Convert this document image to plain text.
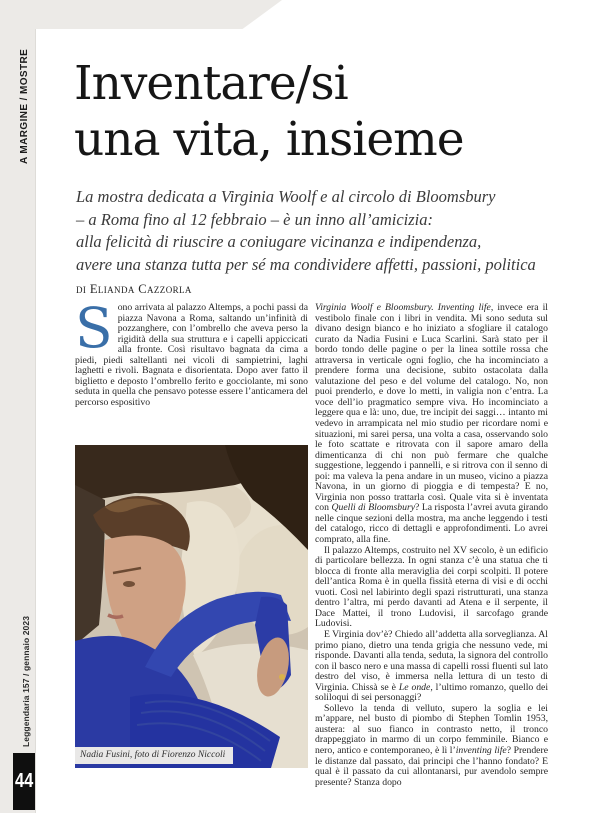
A MARGINE / MOSTRE
Leggendaria 157 / gennaio 2023
44
Inventare/si
una vita, insieme
La mostra dedicata a Virginia Woolf e al circolo di Bloomsbury
– a Roma fino al 12 febbraio – è un inno all’amicizia:
alla felicità di riuscire a coniugare vicinanza e indipendenza,
avere una stanza tutta per sé ma condividere affetti, passioni, politica
di Elianda Cazzorla

Sono arrivata al palazzo Altemps, a pochi passi da piazza Navona a Roma, saltando un’infinità di pozzanghere, con l’ombrello che aveva perso la rigidità della sua struttura e i capelli appiccicati alla fronte. Così risultavo bagnata da cima a piedi, piedi saltellanti nei vicoli di sampietrini, laghi laghetti e rivoli. Bagnata e disorientata. Dopo aver fatto il biglietto e deposto l’ombrello ferito e gocciolante, mi sono seduta in quella che pensavo potesse essere l’anticamera del percorso espositivo

Virginia Woolf e Bloomsbury. Inventing life, invece era il vestibolo finale con i libri in vendita. Mi sono seduta sul divano design bianco e ho iniziato a sfogliare il catalogo curato da Nadia Fusini e Luca Scarlini. Sarà stato per il bordo tondo delle pagine o per la linea sottile rossa che attraversa in verticale ogni foglio, che ha incominciato a prendere forma una decisione, subito ostacolata dalla valutazione del peso e del volume del catalogo. No, non puoi prenderlo, e dove lo metti, in valigia non c’entra. La voce dell’io pragmatico sempre viva. Ho incominciato a leggere qua e là: uno, due, tre incipit dei saggi… intanto mi vedevo in arrampicata nel mio studio per ricordare nomi e situazioni, mi sarei persa, una volta a casa, osservando solo le foto scattate e ritrovata con il sapore amaro della dimenticanza di chi non può fermare che qualche suggestione, leggendo i pannelli, e si ritrova con il senno di poi: ma valeva la pena andare in un museo, vicino a piazza Navona, in un giorno di pioggia e di tempesta? E no, Virginia non posso trattarla così. Quale vita si è inventata con Quelli di Bloomsbury? La risposta l’avrei avuta girando nelle cinque sezioni della mostra, ma anche leggendo i testi del catalogo, ricco di dettagli e approfondimenti. Lo avrei comprato, alla fine.

Il palazzo Altemps, costruito nel XV secolo, è un edificio di particolare bellezza. In ogni stanza c’è una statua che ti blocca di fronte alla meraviglia dei corpi scolpiti. Il potere dell’antica Roma è in quella fissità eterna di visi e di occhi vuoti. Così nel labirinto degli spazi ristrutturati, una stanza dentro l’altra, mi perdo davanti ad Atena e il serpente, il Dace Mattei, il trono Ludovisi, il sarcofago grande Ludovisi.

E Virginia dov’è? Chiedo all’addetta alla sorveglianza. Al primo piano, dietro una tenda grigia che nessuno vede, mi risponde. Davanti alla tenda, seduta, la signora del controllo con il basco nero e una massa di capelli rossi fluenti sul lato destro del viso, è immersa nella lettura di un testo di Virginia. Chissà se è Le onde, l’ultimo romanzo, quello dei soliloqui di sei personaggi?

Sollevo la tenda di velluto, supero la soglia e lei m’appare, nel busto di piombo di Stephen Tomlin 1953, austera: al suo fianco in contrasto netto, il tronco drappeggiato in marmo di un corpo femminile. Bianco e nero, antico e contemporaneo, è lì l’inventing life? Prendere le distanze dal passato, dai principi che l’hanno fondato? E qual è il passato da cui allontanarsi, pur avendolo sempre presente? Stanza dopo

Nadia Fusini, foto di Fiorenzo Niccoli
